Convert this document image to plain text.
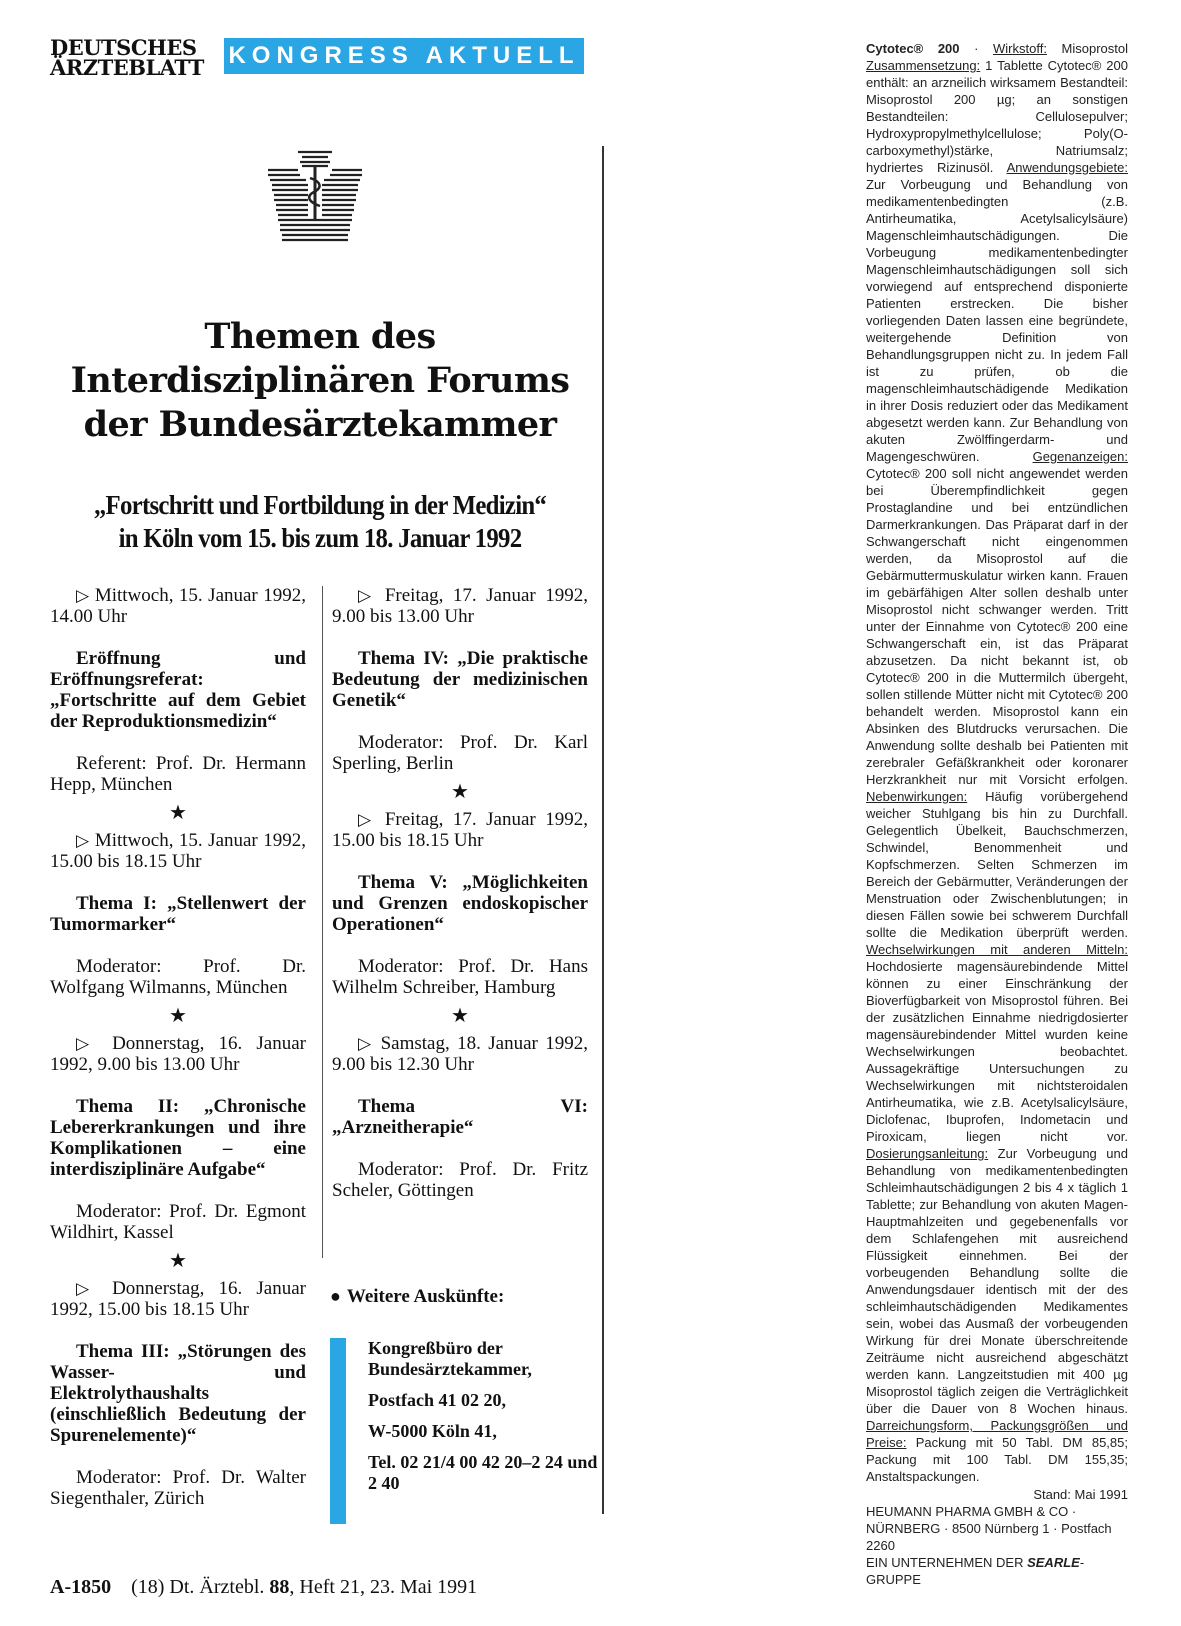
DEUTSCHES
ÄRZTEBLATT	KONGRESS AKTUELL
Themen des
Interdisziplinären Forums
der Bundesärztekammer
„Fortschritt und Fortbildung in der Medizin“
in Köln vom 15. bis zum 18. Januar 1992
▷ Mittwoch, 15. Januar 1992, 14.00 Uhr
Eröffnung und Eröffnungsreferat: „Fortschritte auf dem Gebiet der Reproduktionsmedizin“
Referent: Prof. Dr. Hermann Hepp, München
★
▷ Mittwoch, 15. Januar 1992, 15.00 bis 18.15 Uhr
Thema I: „Stellenwert der Tumormarker“
Moderator: Prof. Dr. Wolfgang Wilmanns, München
★
▷ Donnerstag, 16. Januar 1992, 9.00 bis 13.00 Uhr
Thema II: „Chronische Lebererkrankungen und ihre Komplikationen – eine interdisziplinäre Aufgabe“
Moderator: Prof. Dr. Egmont Wildhirt, Kassel
★
▷ Donnerstag, 16. Januar 1992, 15.00 bis 18.15 Uhr
Thema III: „Störungen des Wasser- und Elektrolythaushalts (einschließlich Bedeutung der Spurenelemente)“
Moderator: Prof. Dr. Walter Siegenthaler, Zürich
▷ Freitag, 17. Januar 1992, 9.00 bis 13.00 Uhr
Thema IV: „Die praktische Bedeutung der medizinischen Genetik“
Moderator: Prof. Dr. Karl Sperling, Berlin
★
▷ Freitag, 17. Januar 1992, 15.00 bis 18.15 Uhr
Thema V: „Möglichkeiten und Grenzen endoskopischer Operationen“
Moderator: Prof. Dr. Hans Wilhelm Schreiber, Hamburg
★
▷ Samstag, 18. Januar 1992, 9.00 bis 12.30 Uhr
Thema VI: „Arzneitherapie“
Moderator: Prof. Dr. Fritz Scheler, Göttingen
● Weitere Auskünfte:

Kongreßbüro der Bundesärztekammer,

Postfach 41 02 20,

W-5000 Köln 41,

Tel. 02 21/4 00 42 20–2 24 und 2 40

A-1850 (18) Dt. Ärztebl. 88, Heft 21, 23. Mai 1991
Cytotec® 200 · Wirkstoff: Misoprostol Zusammensetzung: 1 Tablette Cytotec® 200 enthält: an arzneilich wirksamem Bestandteil: Misoprostol 200 µg; an sonstigen Bestandteilen: Cellulosepulver; Hydroxypropylmethylcellulose; Poly(O-carboxymethyl)stärke, Natriumsalz; hydriertes Rizinusöl. Anwendungsgebiete: Zur Vorbeugung und Behandlung von medikamentenbedingten (z.B. Antirheumatika, Acetylsalicylsäure) Magenschleimhautschädigungen. Die Vorbeugung medikamentenbedingter Magenschleimhautschädigungen soll sich vorwiegend auf entsprechend disponierte Patienten erstrecken. Die bisher vorliegenden Daten lassen eine begründete, weitergehende Definition von Behandlungsgruppen nicht zu. In jedem Fall ist zu prüfen, ob die magenschleimhautschädigende Medikation in ihrer Dosis reduziert oder das Medikament abgesetzt werden kann. Zur Behandlung von akuten Zwölffingerdarm- und Magengeschwüren.	Gegenanzeigen: Cytotec® 200 soll nicht angewendet werden bei Überempfindlichkeit gegen Prostaglandine und bei entzündlichen Darmerkrankungen. Das Präparat darf in der Schwangerschaft nicht eingenommen werden, da Misoprostol auf die Gebärmuttermuskulatur wirken kann. Frauen im gebärfähigen Alter sollen deshalb unter Misoprostol nicht schwanger werden. Tritt unter der Einnahme von Cytotec® 200 eine Schwangerschaft ein, ist das Präparat abzusetzen. Da nicht bekannt ist, ob Cytotec® 200 in die Muttermilch übergeht, sollen stillende Mütter nicht mit Cytotec® 200 behandelt werden. Misoprostol kann ein Absinken des Blutdrucks verursachen. Die Anwendung sollte deshalb bei Patienten mit zerebraler Gefäßkrankheit oder koronarer Herzkrankheit nur mit Vorsicht erfolgen. Nebenwirkungen: Häufig vorübergehend weicher Stuhlgang bis hin zu Durchfall. Gelegentlich Übelkeit, Bauchschmerzen, Schwindel, Benommenheit und Kopfschmerzen. Selten Schmerzen im Bereich der Gebärmutter, Veränderungen der Menstruation oder Zwischenblutungen; in diesen Fällen sowie bei schwerem Durchfall sollte die Medikation überprüft werden. Wechselwirkungen mit anderen Mitteln: Hochdosierte magensäurebindende Mittel können zu einer Einschränkung der Bioverfügbarkeit von Misoprostol führen. Bei der zusätzlichen Einnahme niedrigdosierter magensäurebindender Mittel wurden keine Wechselwirkungen beobachtet. Aussagekräftige Untersuchungen zu Wechselwirkungen mit nichtsteroidalen Antirheumatika, wie z.B. Acetylsalicylsäure, Diclofenac, Ibuprofen, Indometacin und Piroxicam, liegen nicht vor. Dosierungsanleitung: Zur Vorbeugung und Behandlung von medikamentenbedingten Schleimhautschädigungen 2 bis 4 x täglich 1 Tablette; zur Behandlung von akuten Magen- Hauptmahlzeiten und gegebenenfalls vor dem Schlafengehen mit ausreichend Flüssigkeit einnehmen. Bei der vorbeugenden Behandlung sollte die Anwendungsdauer identisch mit der des schleimhautschädigenden Medikamentes sein, wobei das Ausmaß der vorbeugenden Wirkung für drei Monate überschreitende Zeiträume nicht ausreichend abgeschätzt werden kann. Langzeitstudien mit 400 µg Misoprostol täglich zeigen die Verträglichkeit über die Dauer von 8 Wochen hinaus. Darreichungsform, Packungsgrößen und Preise: Packung mit 50 Tabl. DM 85,85; Packung mit 100 Tabl. DM 155,35; Anstaltspackungen.
Stand: Mai 1991
HEUMANN PHARMA GMBH & CO · NÜRNBERG · 8500 Nürnberg 1 · Postfach 2260
EIN UNTERNEHMEN DER SEARLE-GRUPPE
